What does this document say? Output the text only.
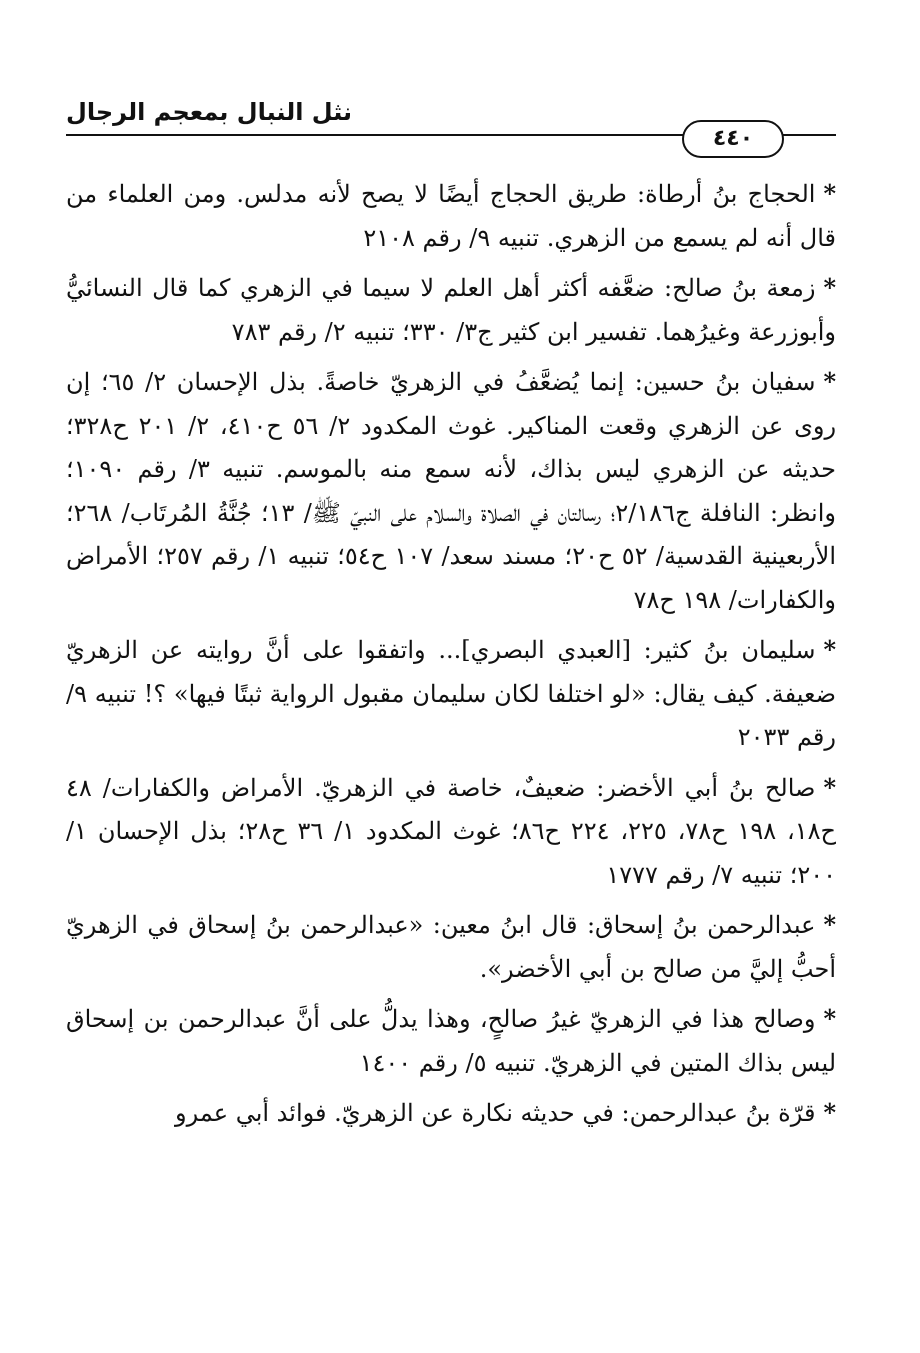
نثل النبال بمعجم الرجال
٤٤٠

*الحجاج بنُ أرطاة: طريق الحجاج أيضًا لا يصح لأنه مدلس. ومن العلماء من قال أنه لم يسمع من الزهري. تنبيه ٩/ رقم ٢١٠٨

*زمعة بنُ صالح: ضعَّفه أكثر أهل العلم لا سيما في الزهري كما قال النسائيُّ وأبوزرعة وغيرُهما. تفسير ابن كثير ج٣/ ٣٣٠؛ تنبيه ٢/ رقم ٧٨٣

*سفيان بنُ حسين: إنما يُضعَّفُ في الزهريّ خاصةً. بذل الإحسان ٢/ ٦٥؛ إن روى عن الزهري وقعت المناكير. غوث المكدود ٢/ ٥٦ ح٤١٠، ٢/ ٢٠١ ح٣٢٨؛ حديثه عن الزهري ليس بذاك، لأنه سمع منه بالموسم. تنبيه ٣/ رقم ١٠٩٠؛ وانظر: النافلة ج٢/١٨٦؛ رسالتان في الصلاة والسلام على النبيّ ﷺ/ ١٣؛ جُنَّةُ المُرتَاب/ ٢٦٨؛ الأربعينية القدسية/ ٥٢ ح٢٠؛ مسند سعد/ ١٠٧ ح٥٤؛ تنبيه ١/ رقم ٢٥٧؛ الأمراض والكفارات/ ١٩٨ ح٧٨

*سليمان بنُ كثير: [العبدي البصري]... واتفقوا على أنَّ روايته عن الزهريّ ضعيفة. كيف يقال: «لو اختلفا لكان سليمان مقبول الرواية ثبتًا فيها» ؟! تنبيه ٩/ رقم ٢٠٣٣

*صالح بنُ أبي الأخضر: ضعيفٌ، خاصة في الزهريّ. الأمراض والكفارات/ ٤٨ ح١٨، ١٩٨ ح٧٨، ٢٢٥، ٢٢٤ ح٨٦؛ غوث المكدود ١/ ٣٦ ح٢٨؛ بذل الإحسان ١/ ٢٠٠؛ تنبيه ٧/ رقم ١٧٧٧

*عبدالرحمن بنُ إسحاق: قال ابنُ معين: «عبدالرحمن بنُ إسحاق في الزهريّ أحبُّ إليَّ من صالح بن أبي الأخضر».

*وصالح هذا في الزهريّ غيرُ صالحٍ، وهذا يدلُّ على أنَّ عبدالرحمن بن إسحاق ليس بذاك المتين في الزهريّ. تنبيه ٥/ رقم ١٤٠٠

*قرّة بنُ عبدالرحمن: في حديثه نكارة عن الزهريّ. فوائد أبي عمرو
